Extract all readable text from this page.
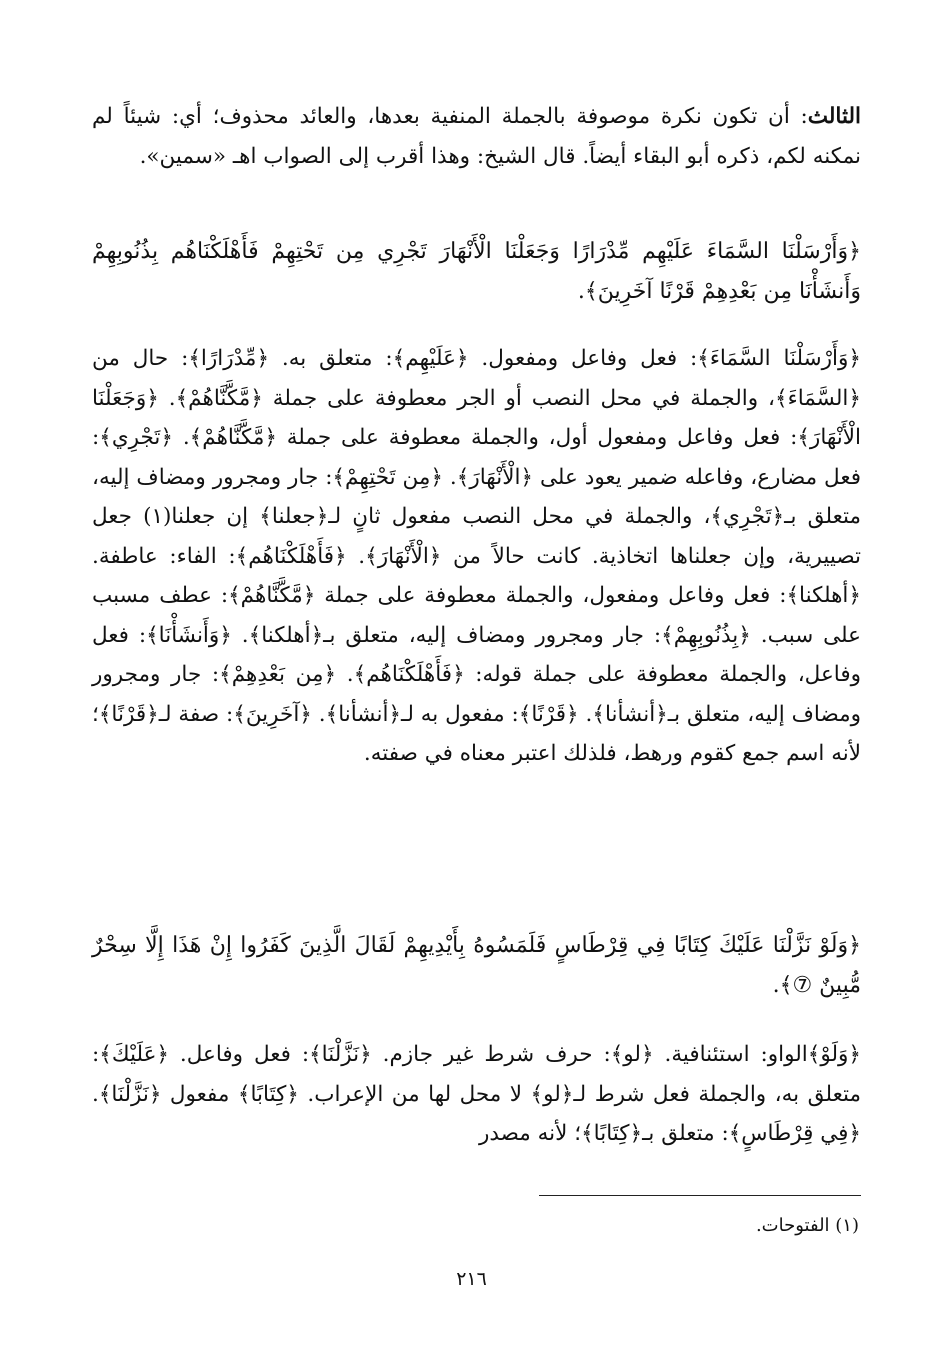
الثالث: أن تكون نكرة موصوفة بالجملة المنفية بعدها، والعائد محذوف؛ أي: شيئاً لم نمكنه لكم، ذكره أبو البقاء أيضاً. قال الشيخ: وهذا أقرب إلى الصواب اهـ «سمين».
﴿وَأَرْسَلْنَا السَّمَاءَ عَلَيْهِم مِّدْرَارًا وَجَعَلْنَا الْأَنْهَارَ تَجْرِي مِن تَحْتِهِمْ فَأَهْلَكْنَاهُم بِذُنُوبِهِمْ وَأَنشَأْنَا مِن بَعْدِهِمْ قَرْنًا آخَرِينَ﴾.
﴿وَأَرْسَلْنَا السَّمَاءَ﴾: فعل وفاعل ومفعول. ﴿عَلَيْهِم﴾: متعلق به. ﴿مِّدْرَارًا﴾: حال من ﴿السَّمَاءَ﴾، والجملة في محل النصب أو الجر معطوفة على جملة ﴿مَّكَّنَّاهُمْ﴾. ﴿وَجَعَلْنَا الْأَنْهَارَ﴾: فعل وفاعل ومفعول أول، والجملة معطوفة على جملة ﴿مَّكَّنَّاهُمْ﴾. ﴿تَجْرِي﴾: فعل مضارع، وفاعله ضمير يعود على ﴿الْأَنْهَارَ﴾. ﴿مِن تَحْتِهِمْ﴾: جار ومجرور ومضاف إليه، متعلق بـ﴿تَجْرِي﴾، والجملة في محل النصب مفعول ثانٍ لـ﴿جعلنا﴾ إن جعلنا(١) جعل تصييرية، وإن جعلناها اتخاذية. كانت حالاً من ﴿الْأَنْهَارَ﴾. ﴿فَأَهْلَكْنَاهُم﴾: الفاء: عاطفة. ﴿أهلكنا﴾: فعل وفاعل ومفعول، والجملة معطوفة على جملة ﴿مَّكَّنَّاهُمْ﴾: عطف مسبب على سبب. ﴿بِذُنُوبِهِمْ﴾: جار ومجرور ومضاف إليه، متعلق بـ﴿أهلكنا﴾. ﴿وَأَنشَأْنَا﴾: فعل وفاعل، والجملة معطوفة على جملة قوله: ﴿فَأَهْلَكْنَاهُم﴾. ﴿مِن بَعْدِهِمْ﴾: جار ومجرور ومضاف إليه، متعلق بـ﴿أنشأنا﴾. ﴿قَرْنًا﴾: مفعول به لـ﴿أنشأنا﴾. ﴿آخَرِينَ﴾: صفة لـ﴿قَرْنًا﴾؛ لأنه اسم جمع كقوم ورهط، فلذلك اعتبر معناه في صفته.
﴿وَلَوْ نَزَّلْنَا عَلَيْكَ كِتَابًا فِي قِرْطَاسٍ فَلَمَسُوهُ بِأَيْدِيهِمْ لَقَالَ الَّذِينَ كَفَرُوا إِنْ هَذَا إِلَّا سِحْرٌ مُّبِينٌ ⑦﴾.
﴿وَلَوْ﴾الواو: استئنافية. ﴿لو﴾: حرف شرط غير جازم. ﴿نَزَّلْنَا﴾: فعل وفاعل. ﴿عَلَيْكَ﴾: متعلق به، والجملة فعل شرط لـ﴿لو﴾ لا محل لها من الإعراب. ﴿كِتَابًا﴾ مفعول ﴿نَزَّلْنَا﴾. ﴿فِي قِرْطَاسٍ﴾: متعلق بـ﴿كِتَابًا﴾؛ لأنه مصدر
(١) الفتوحات.
٢١٦
